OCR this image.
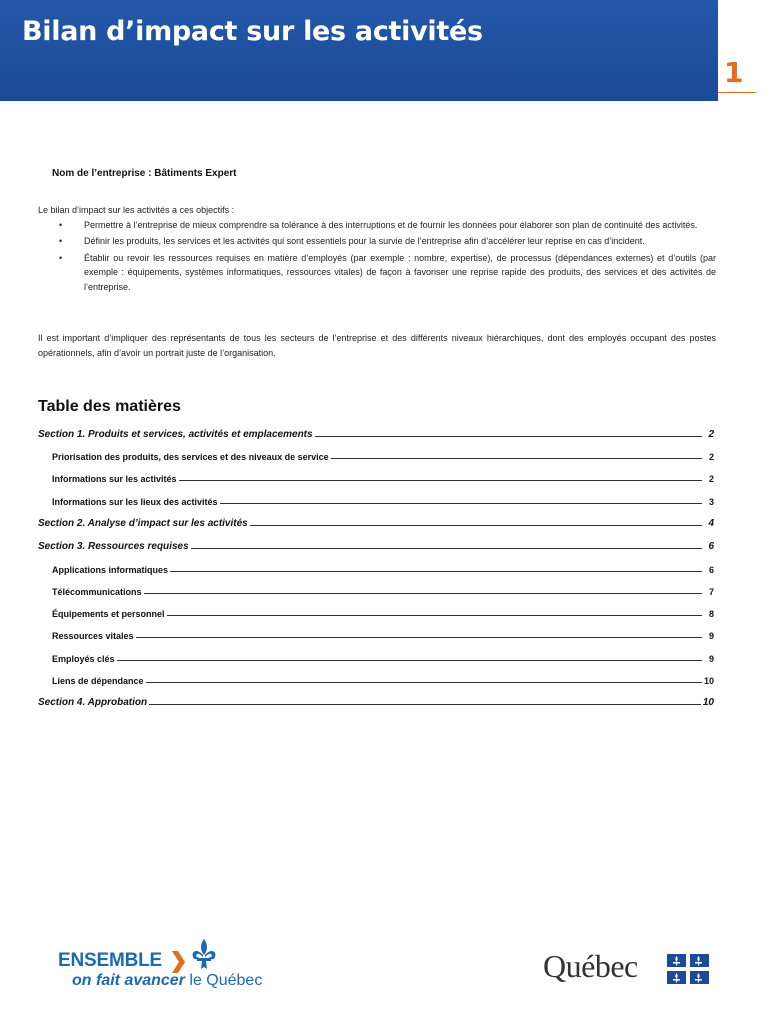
Bilan d’impact sur les activités
1
Nom de l’entreprise : Bâtiments Expert
Le bilan d’impact sur les activités a ces objectifs :
• Permettre à l’entreprise de mieux comprendre sa tolérance à des interruptions et de fournir les données pour élaborer son plan de continuité des activités.
• Définir les produits, les services et les activités qui sont essentiels pour la survie de l’entreprise afin d’accélérer leur reprise en cas d’incident.
• Établir ou revoir les ressources requises en matière d’employés (par exemple : nombre, expertise), de processus (dépendances externes) et d’outils (par exemple : équipements, systèmes informatiques, ressources vitales) de façon à favoriser une reprise rapide des produits, des services et des activités de l’entreprise.
Il est important d’impliquer des représentants de tous les secteurs de l’entreprise et des différents niveaux hiérarchiques, dont des employés occupant des postes opérationnels, afin d’avoir un portrait juste de l’organisation.
Table des matières
Section 1. Produits et services, activités et emplacements	2
Priorisation des produits, des services et des niveaux de service	2
Informations sur les activités	2
Informations sur les lieux des activités	3
Section 2. Analyse d’impact sur les activités	4
Section 3. Ressources requises	6
Applications informatiques	6
Télécommunications	7
Équipements et personnel	8
Ressources vitales	9
Employés clés	9
Liens de dépendance	10
Section 4. Approbation	10
ENSEMBLE
on fait avancer le Québec	Québec
